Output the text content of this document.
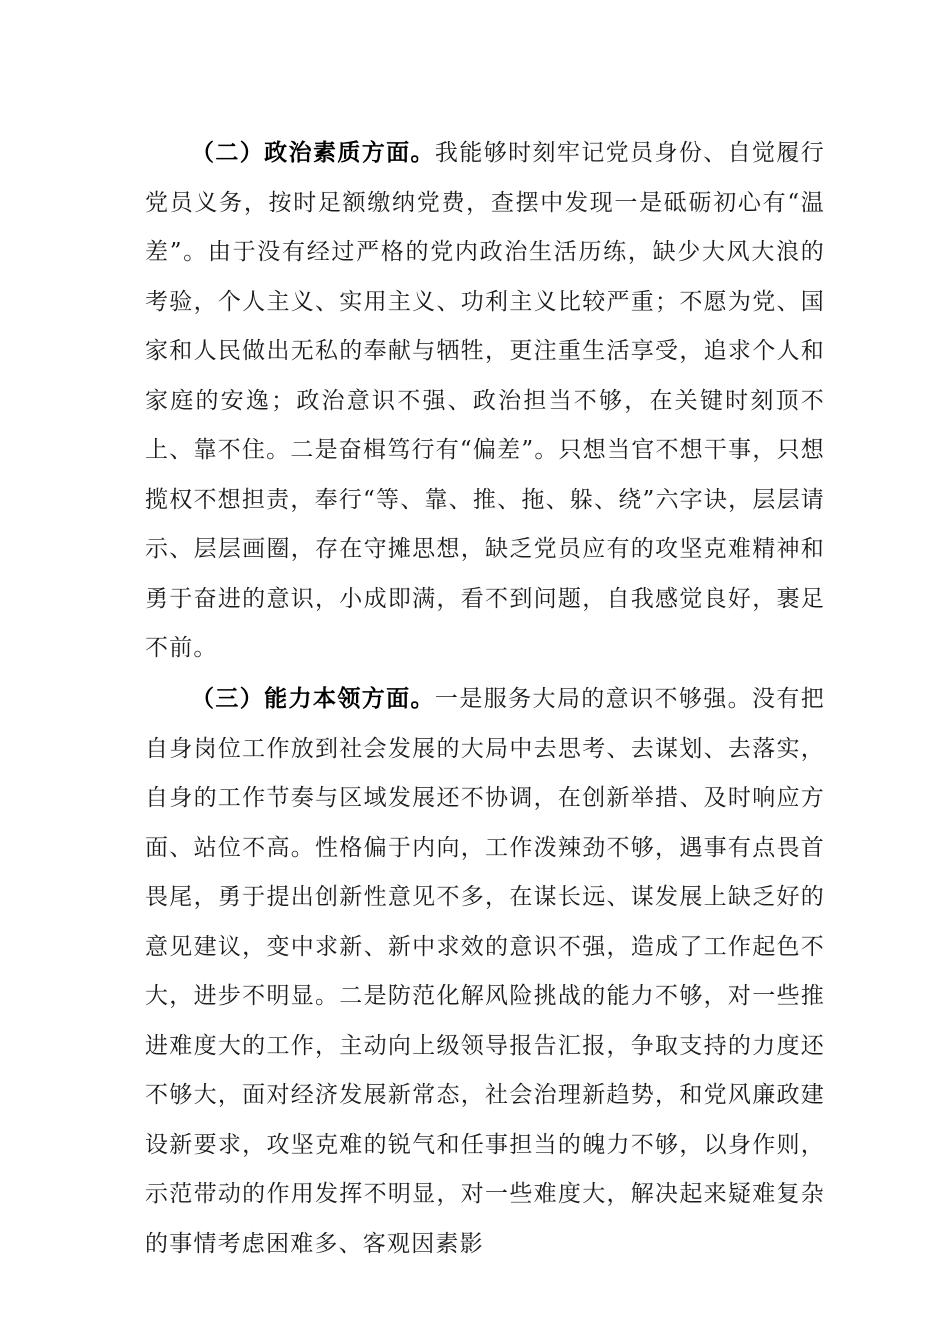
（二）政治素质方面。我能够时刻牢记党员身份、自觉履行党员义务，按时足额缴纳党费，查摆中发现一是砥砺初心有“温差”。由于没有经过严格的党内政治生活历练，缺少大风大浪的考验，个人主义、实用主义、功利主义比较严重；不愿为党、国家和人民做出无私的奉献与牺牲，更注重生活享受，追求个人和家庭的安逸；政治意识不强、政治担当不够，在关键时刻顶不上、靠不住。二是奋楫笃行有“偏差”。只想当官不想干事，只想揽权不想担责，奉行“等、靠、推、拖、躲、绕”六字诀，层层请示、层层画圈，存在守摊思想，缺乏党员应有的攻坚克难精神和勇于奋进的意识，小成即满，看不到问题，自我感觉良好，裹足不前。

（三）能力本领方面。一是服务大局的意识不够强。没有把自身岗位工作放到社会发展的大局中去思考、去谋划、去落实，自身的工作节奏与区域发展还不协调，在创新举措、及时响应方面、站位不高。性格偏于内向，工作泼辣劲不够，遇事有点畏首畏尾，勇于提出创新性意见不多，在谋长远、谋发展上缺乏好的意见建议，变中求新、新中求效的意识不强，造成了工作起色不大，进步不明显。二是防范化解风险挑战的能力不够，对一些推进难度大的工作，主动向上级领导报告汇报，争取支持的力度还不够大，面对经济发展新常态，社会治理新趋势，和党风廉政建设新要求，攻坚克难的锐气和任事担当的魄力不够，以身作则，示范带动的作用发挥不明显，对一些难度大，解决起来疑难复杂的事情考虑困难多、客观因素影
